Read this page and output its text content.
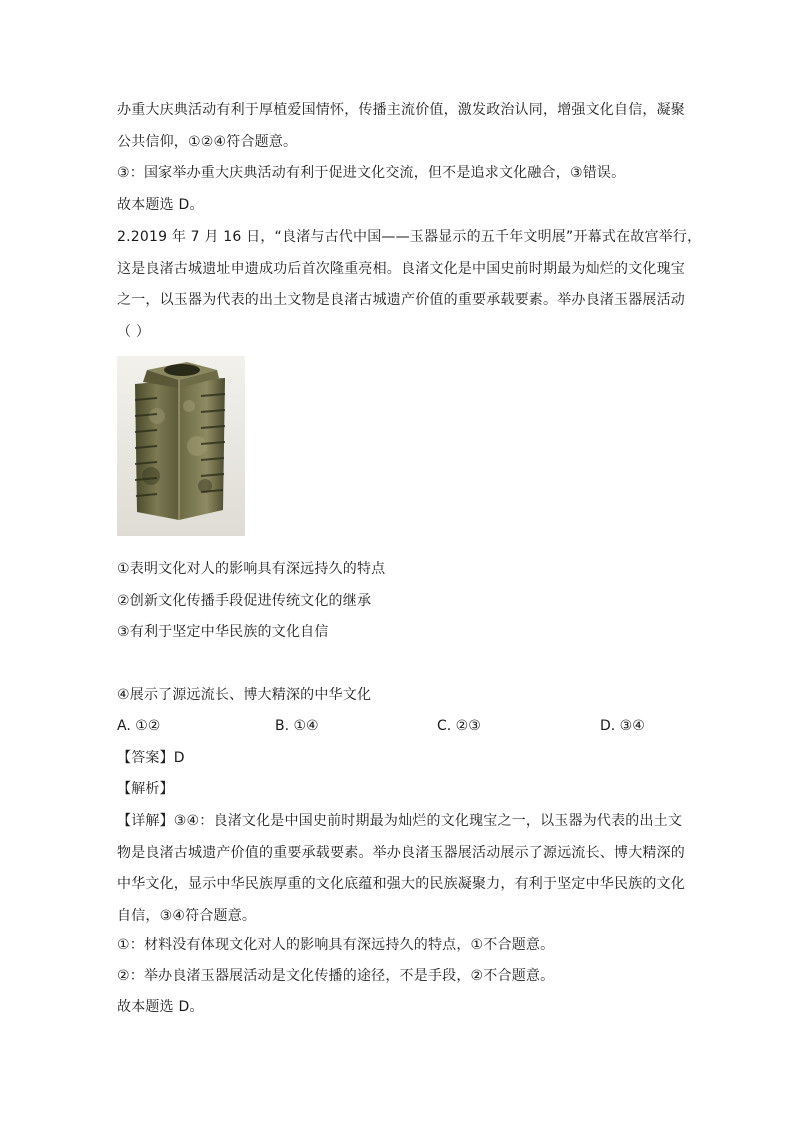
办重大庆典活动有利于厚植爱国情怀，传播主流价值，激发政治认同，增强文化自信，凝聚
公共信仰，①②④符合题意。
③：国家举办重大庆典活动有利于促进文化交流，但不是追求文化融合，③错误。
故本题选 D。
2.2019 年 7 月 16 日，“良渚与古代中国——玉器显示的五千年文明展”开幕式在故宫举行，
这是良渚古城遗址申遗成功后首次隆重亮相。良渚文化是中国史前时期最为灿烂的文化瑰宝
之一，以玉器为代表的出土文物是良渚古城遗产价值的重要承载要素。举办良渚玉器展活动
（ ）
①表明文化对人的影响具有深远持久的特点
②创新文化传播手段促进传统文化的继承
③有利于坚定中华民族的文化自信
④展示了源远流长、博大精深的中华文化
A. ①②	B. ①④	C. ②③	D. ③④
【答案】D
【解析】
【详解】③④：良渚文化是中国史前时期最为灿烂的文化瑰宝之一，以玉器为代表的出土文
物是良渚古城遗产价值的重要承载要素。举办良渚玉器展活动展示了源远流长、博大精深的
中华文化，显示中华民族厚重的文化底蕴和强大的民族凝聚力，有利于坚定中华民族的文化
自信，③④符合题意。
①：材料没有体现文化对人的影响具有深远持久的特点，①不合题意。
②：举办良渚玉器展活动是文化传播的途径，不是手段，②不合题意。
故本题选 D。
